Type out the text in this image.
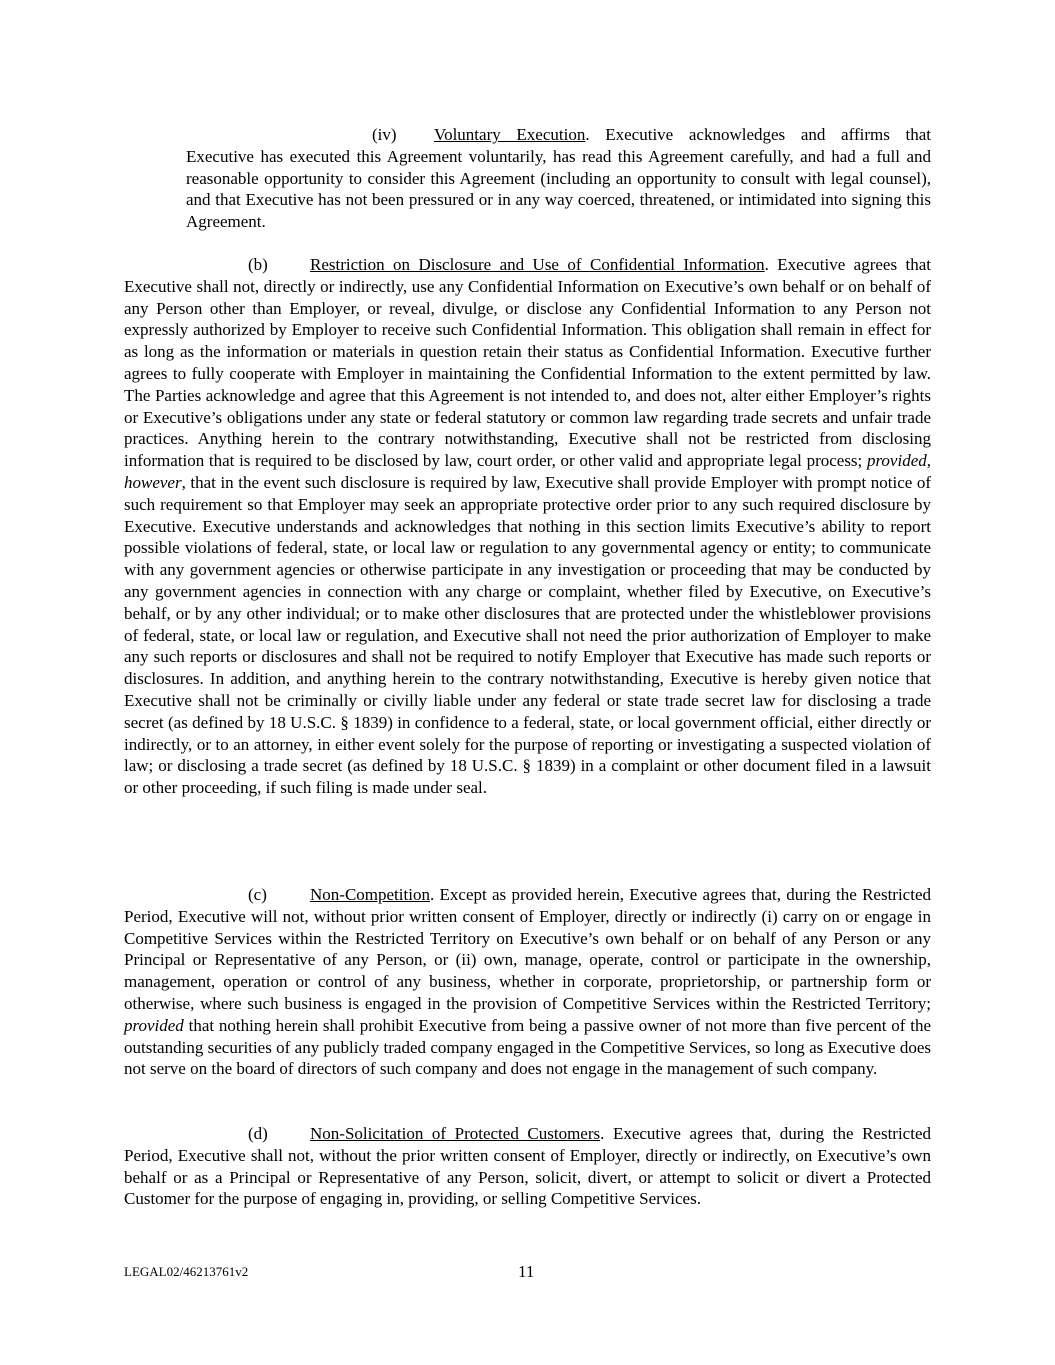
(iv) Voluntary Execution. Executive acknowledges and affirms that Executive has executed this Agreement voluntarily, has read this Agreement carefully, and had a full and reasonable opportunity to consider this Agreement (including an opportunity to consult with legal counsel), and that Executive has not been pressured or in any way coerced, threatened, or intimidated into signing this Agreement.

(b) Restriction on Disclosure and Use of Confidential Information. Executive agrees that Executive shall not, directly or indirectly, use any Confidential Information on Executive’s own behalf or on behalf of any Person other than Employer, or reveal, divulge, or disclose any Confidential Information to any Person not expressly authorized by Employer to receive such Confidential Information. This obligation shall remain in effect for as long as the information or materials in question retain their status as Confidential Information. Executive further agrees to fully cooperate with Employer in maintaining the Confidential Information to the extent permitted by law. The Parties acknowledge and agree that this Agreement is not intended to, and does not, alter either Employer’s rights or Executive’s obligations under any state or federal statutory or common law regarding trade secrets and unfair trade practices. Anything herein to the contrary notwithstanding, Executive shall not be restricted from disclosing information that is required to be disclosed by law, court order, or other valid and appropriate legal process; provided, however, that in the event such disclosure is required by law, Executive shall provide Employer with prompt notice of such requirement so that Employer may seek an appropriate protective order prior to any such required disclosure by Executive. Executive understands and acknowledges that nothing in this section limits Executive’s ability to report possible violations of federal, state, or local law or regulation to any governmental agency or entity; to communicate with any government agencies or otherwise participate in any investigation or proceeding that may be conducted by any government agencies in connection with any charge or complaint, whether filed by Executive, on Executive’s behalf, or by any other individual; or to make other disclosures that are protected under the whistleblower provisions of federal, state, or local law or regulation, and Executive shall not need the prior authorization of Employer to make any such reports or disclosures and shall not be required to notify Employer that Executive has made such reports or disclosures. In addition, and anything herein to the contrary notwithstanding, Executive is hereby given notice that Executive shall not be criminally or civilly liable under any federal or state trade secret law for disclosing a trade secret (as defined by 18 U.S.C. § 1839) in confidence to a federal, state, or local government official, either directly or indirectly, or to an attorney, in either event solely for the purpose of reporting or investigating a suspected violation of law; or disclosing a trade secret (as defined by 18 U.S.C. § 1839) in a complaint or other document filed in a lawsuit or other proceeding, if such filing is made under seal.

(c)	Non-Competition. Except as provided herein, Executive agrees that, during the Restricted Period, Executive will not, without prior written consent of Employer, directly or indirectly (i) carry on or engage in Competitive Services within the Restricted Territory on Executive’s own behalf or on behalf of any Person or any Principal or Representative of any Person, or (ii) own, manage, operate, control or participate in the ownership, management, operation or control of any business, whether in corporate, proprietorship, or partnership form or otherwise, where such business is engaged in the provision of Competitive Services within the Restricted Territory; provided that nothing herein shall prohibit Executive from being a passive owner of not more than five percent of the outstanding securities of any publicly traded company engaged in the Competitive Services, so long as Executive does not serve on the board of directors of such company and does not engage in the management of such company.

(d) Non-Solicitation of Protected Customers. Executive agrees that, during the Restricted Period, Executive shall not, without the prior written consent of Employer, directly or indirectly, on Executive’s own behalf or as a Principal or Representative of any Person, solicit, divert, or attempt to solicit or divert a Protected Customer for the purpose of engaging in, providing, or selling Competitive Services.

LEGAL02/46213761v2	11
